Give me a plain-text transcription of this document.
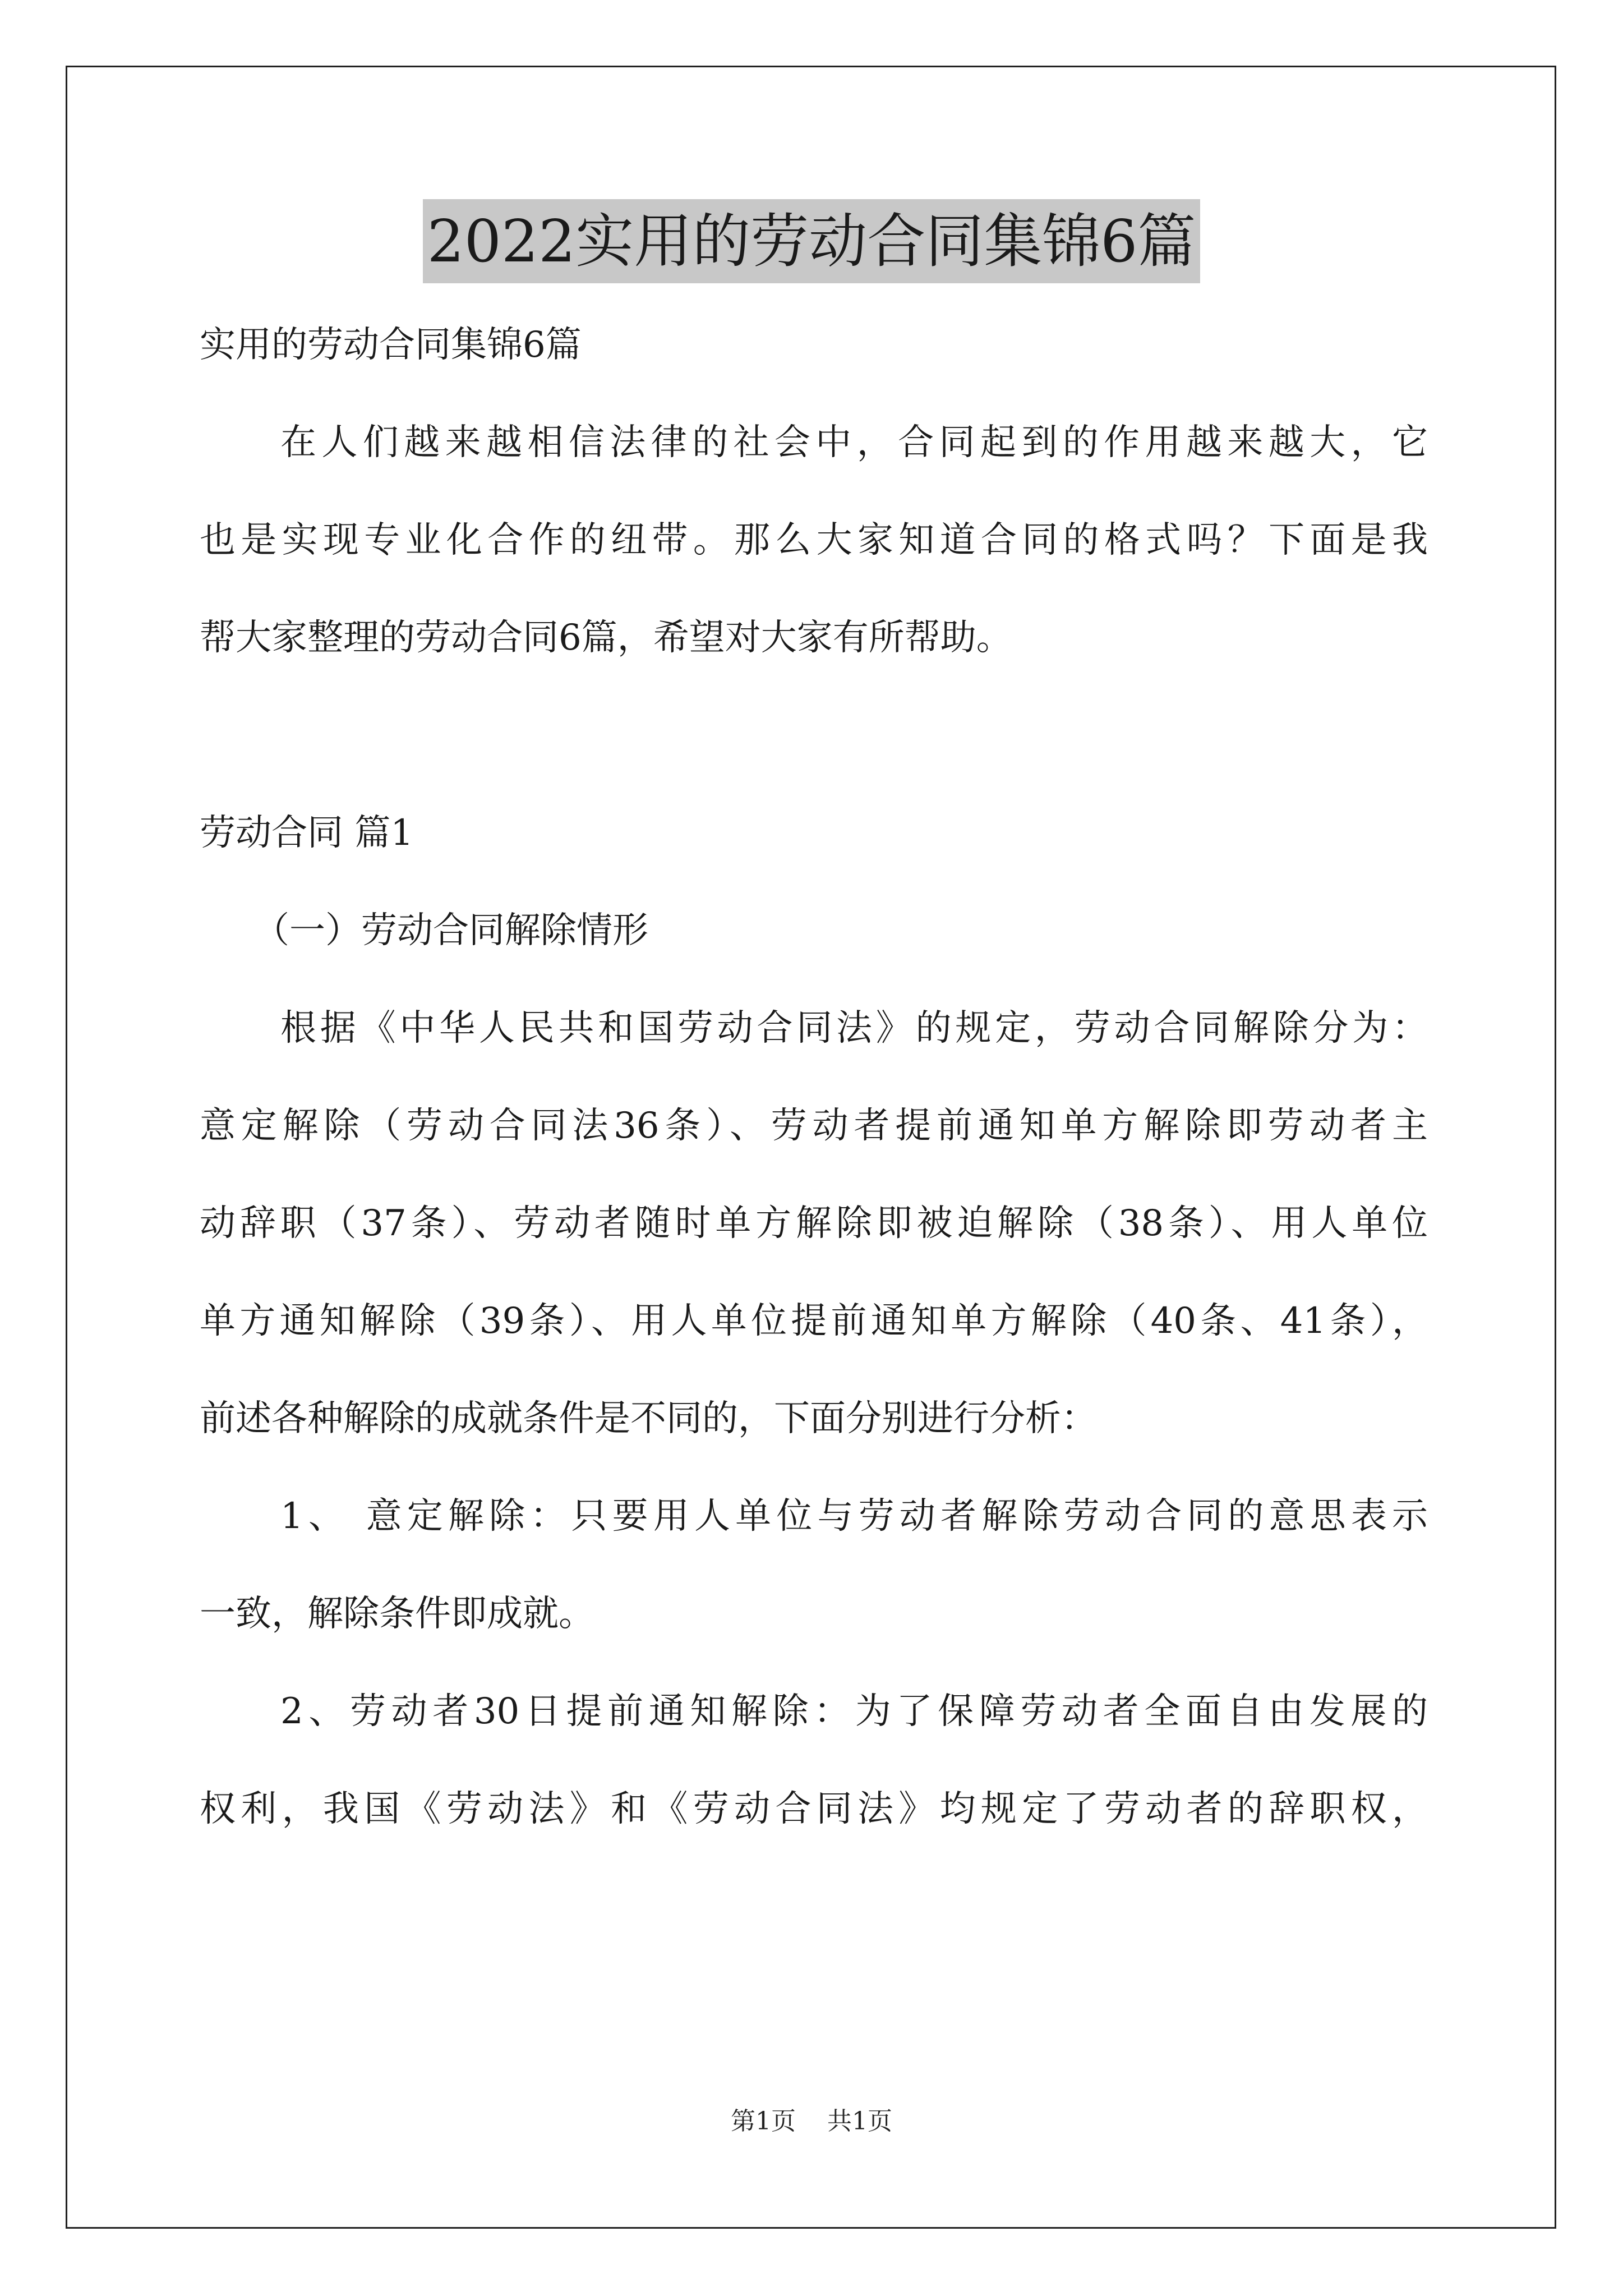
2022实用的劳动合同集锦6篇
实用的劳动合同集锦6篇
在人们越来越相信法律的社会中，合同起到的作用越来越大，它
也是实现专业化合作的纽带。那么大家知道合同的格式吗？下面是我
帮大家整理的劳动合同6篇，希望对大家有所帮助。
劳动合同 篇1
（一）劳动合同解除情形
根据《中华人民共和国劳动合同法》的规定，劳动合同解除分为：
意定解除（劳动合同法36条）、劳动者提前通知单方解除即劳动者主
动辞职（37条）、劳动者随时单方解除即被迫解除（38条）、用人单位
单方通知解除（39条）、用人单位提前通知单方解除（40条、41条），
前述各种解除的成就条件是不同的，下面分别进行分析：
1、 意定解除：只要用人单位与劳动者解除劳动合同的意思表示
一致，解除条件即成就。
2、劳动者30日提前通知解除：为了保障劳动者全面自由发展的
权利，我国《劳动法》和《劳动合同法》均规定了劳动者的辞职权，
第1页    共1页
